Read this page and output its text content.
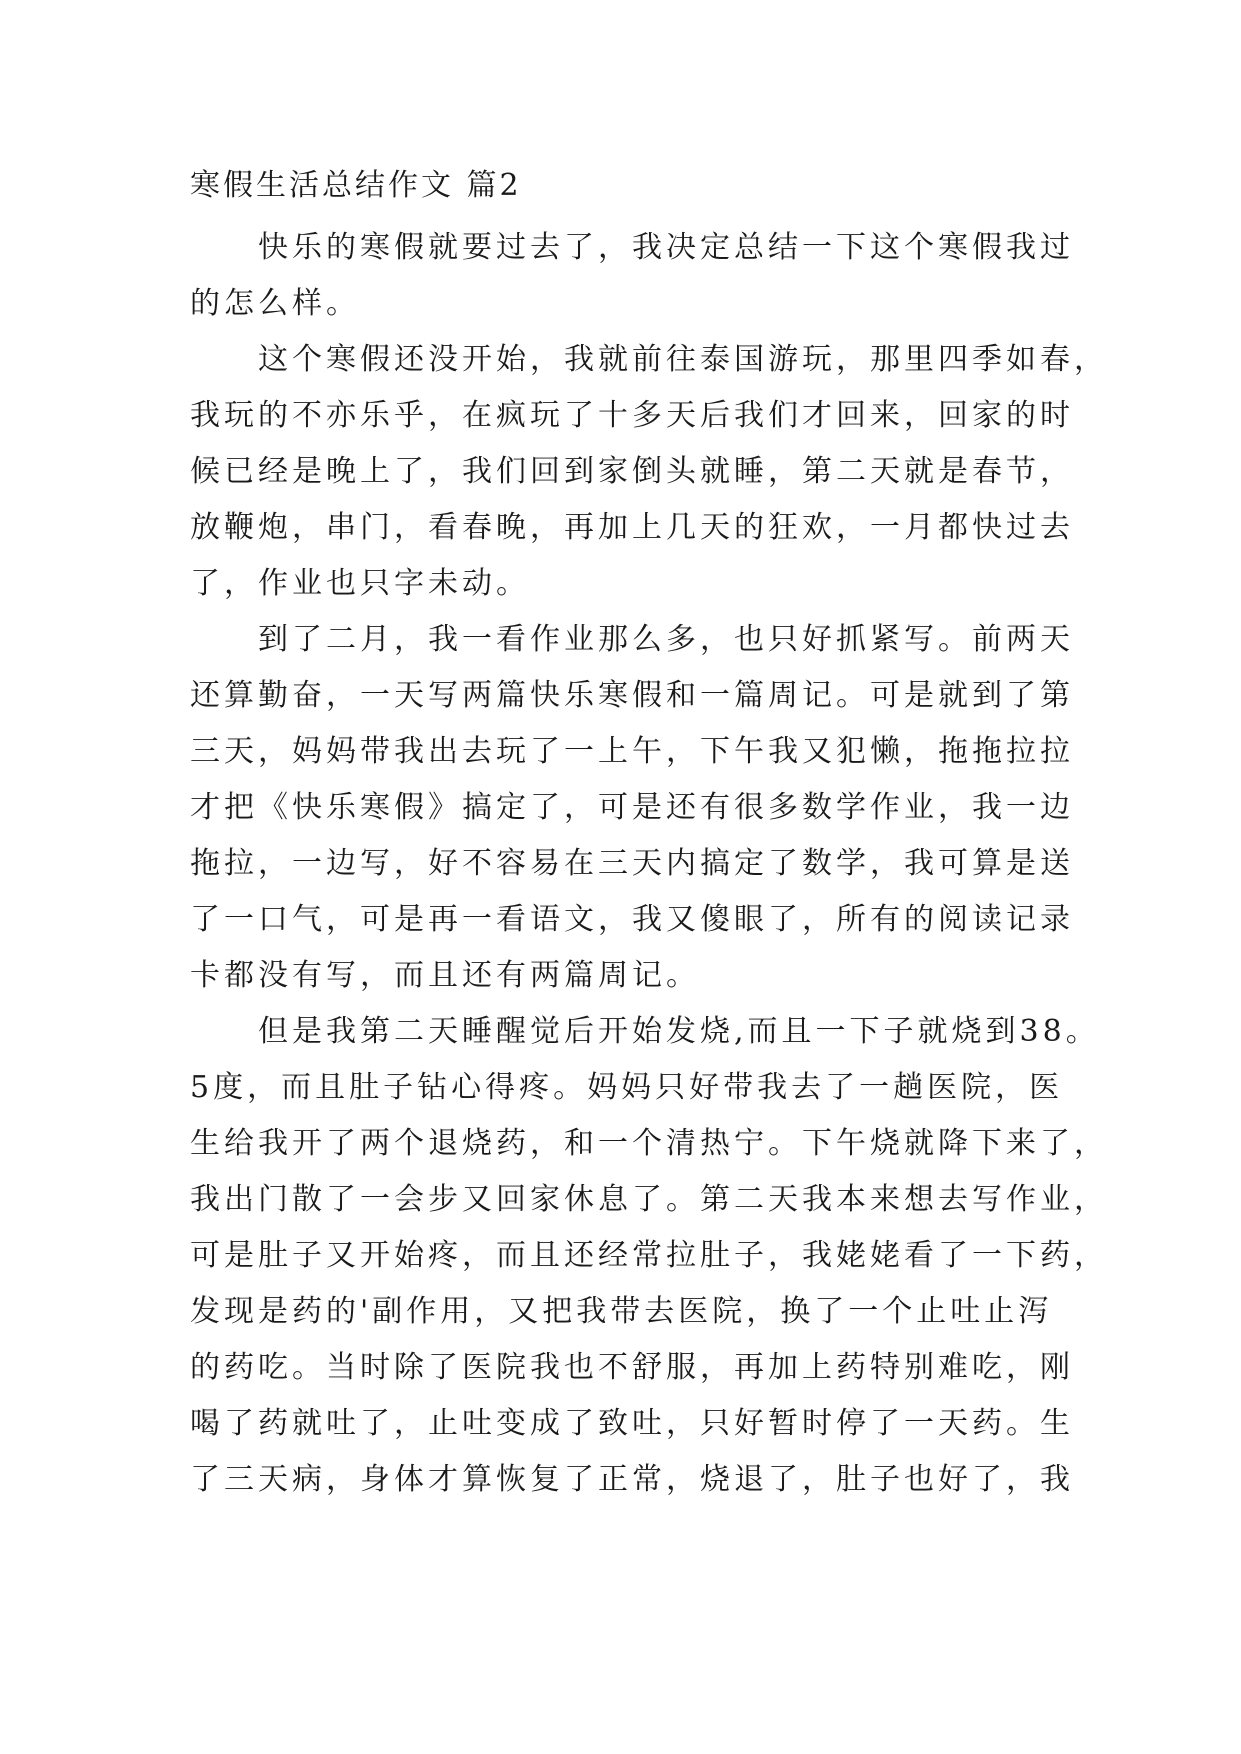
寒假生活总结作文 篇2
快乐的寒假就要过去了，我决定总结一下这个寒假我过
的怎么样。
这个寒假还没开始，我就前往泰国游玩，那里四季如春，
我玩的不亦乐乎，在疯玩了十多天后我们才回来，回家的时
候已经是晚上了，我们回到家倒头就睡，第二天就是春节，
放鞭炮，串门，看春晚，再加上几天的狂欢，一月都快过去
了，作业也只字未动。
到了二月，我一看作业那么多，也只好抓紧写。前两天
还算勤奋，一天写两篇快乐寒假和一篇周记。可是就到了第
三天，妈妈带我出去玩了一上午，下午我又犯懒，拖拖拉拉
才把《快乐寒假》搞定了，可是还有很多数学作业，我一边
拖拉，一边写，好不容易在三天内搞定了数学，我可算是送
了一口气，可是再一看语文，我又傻眼了，所有的阅读记录
卡都没有写，而且还有两篇周记。
但是我第二天睡醒觉后开始发烧,而且一下子就烧到38。
5度，而且肚子钻心得疼。妈妈只好带我去了一趟医院，医
生给我开了两个退烧药，和一个清热宁。下午烧就降下来了，
我出门散了一会步又回家休息了。第二天我本来想去写作业，
可是肚子又开始疼，而且还经常拉肚子，我姥姥看了一下药，
发现是药的'副作用，又把我带去医院，换了一个止吐止泻
的药吃。当时除了医院我也不舒服，再加上药特别难吃，刚
喝了药就吐了，止吐变成了致吐，只好暂时停了一天药。生
了三天病，身体才算恢复了正常，烧退了，肚子也好了，我
